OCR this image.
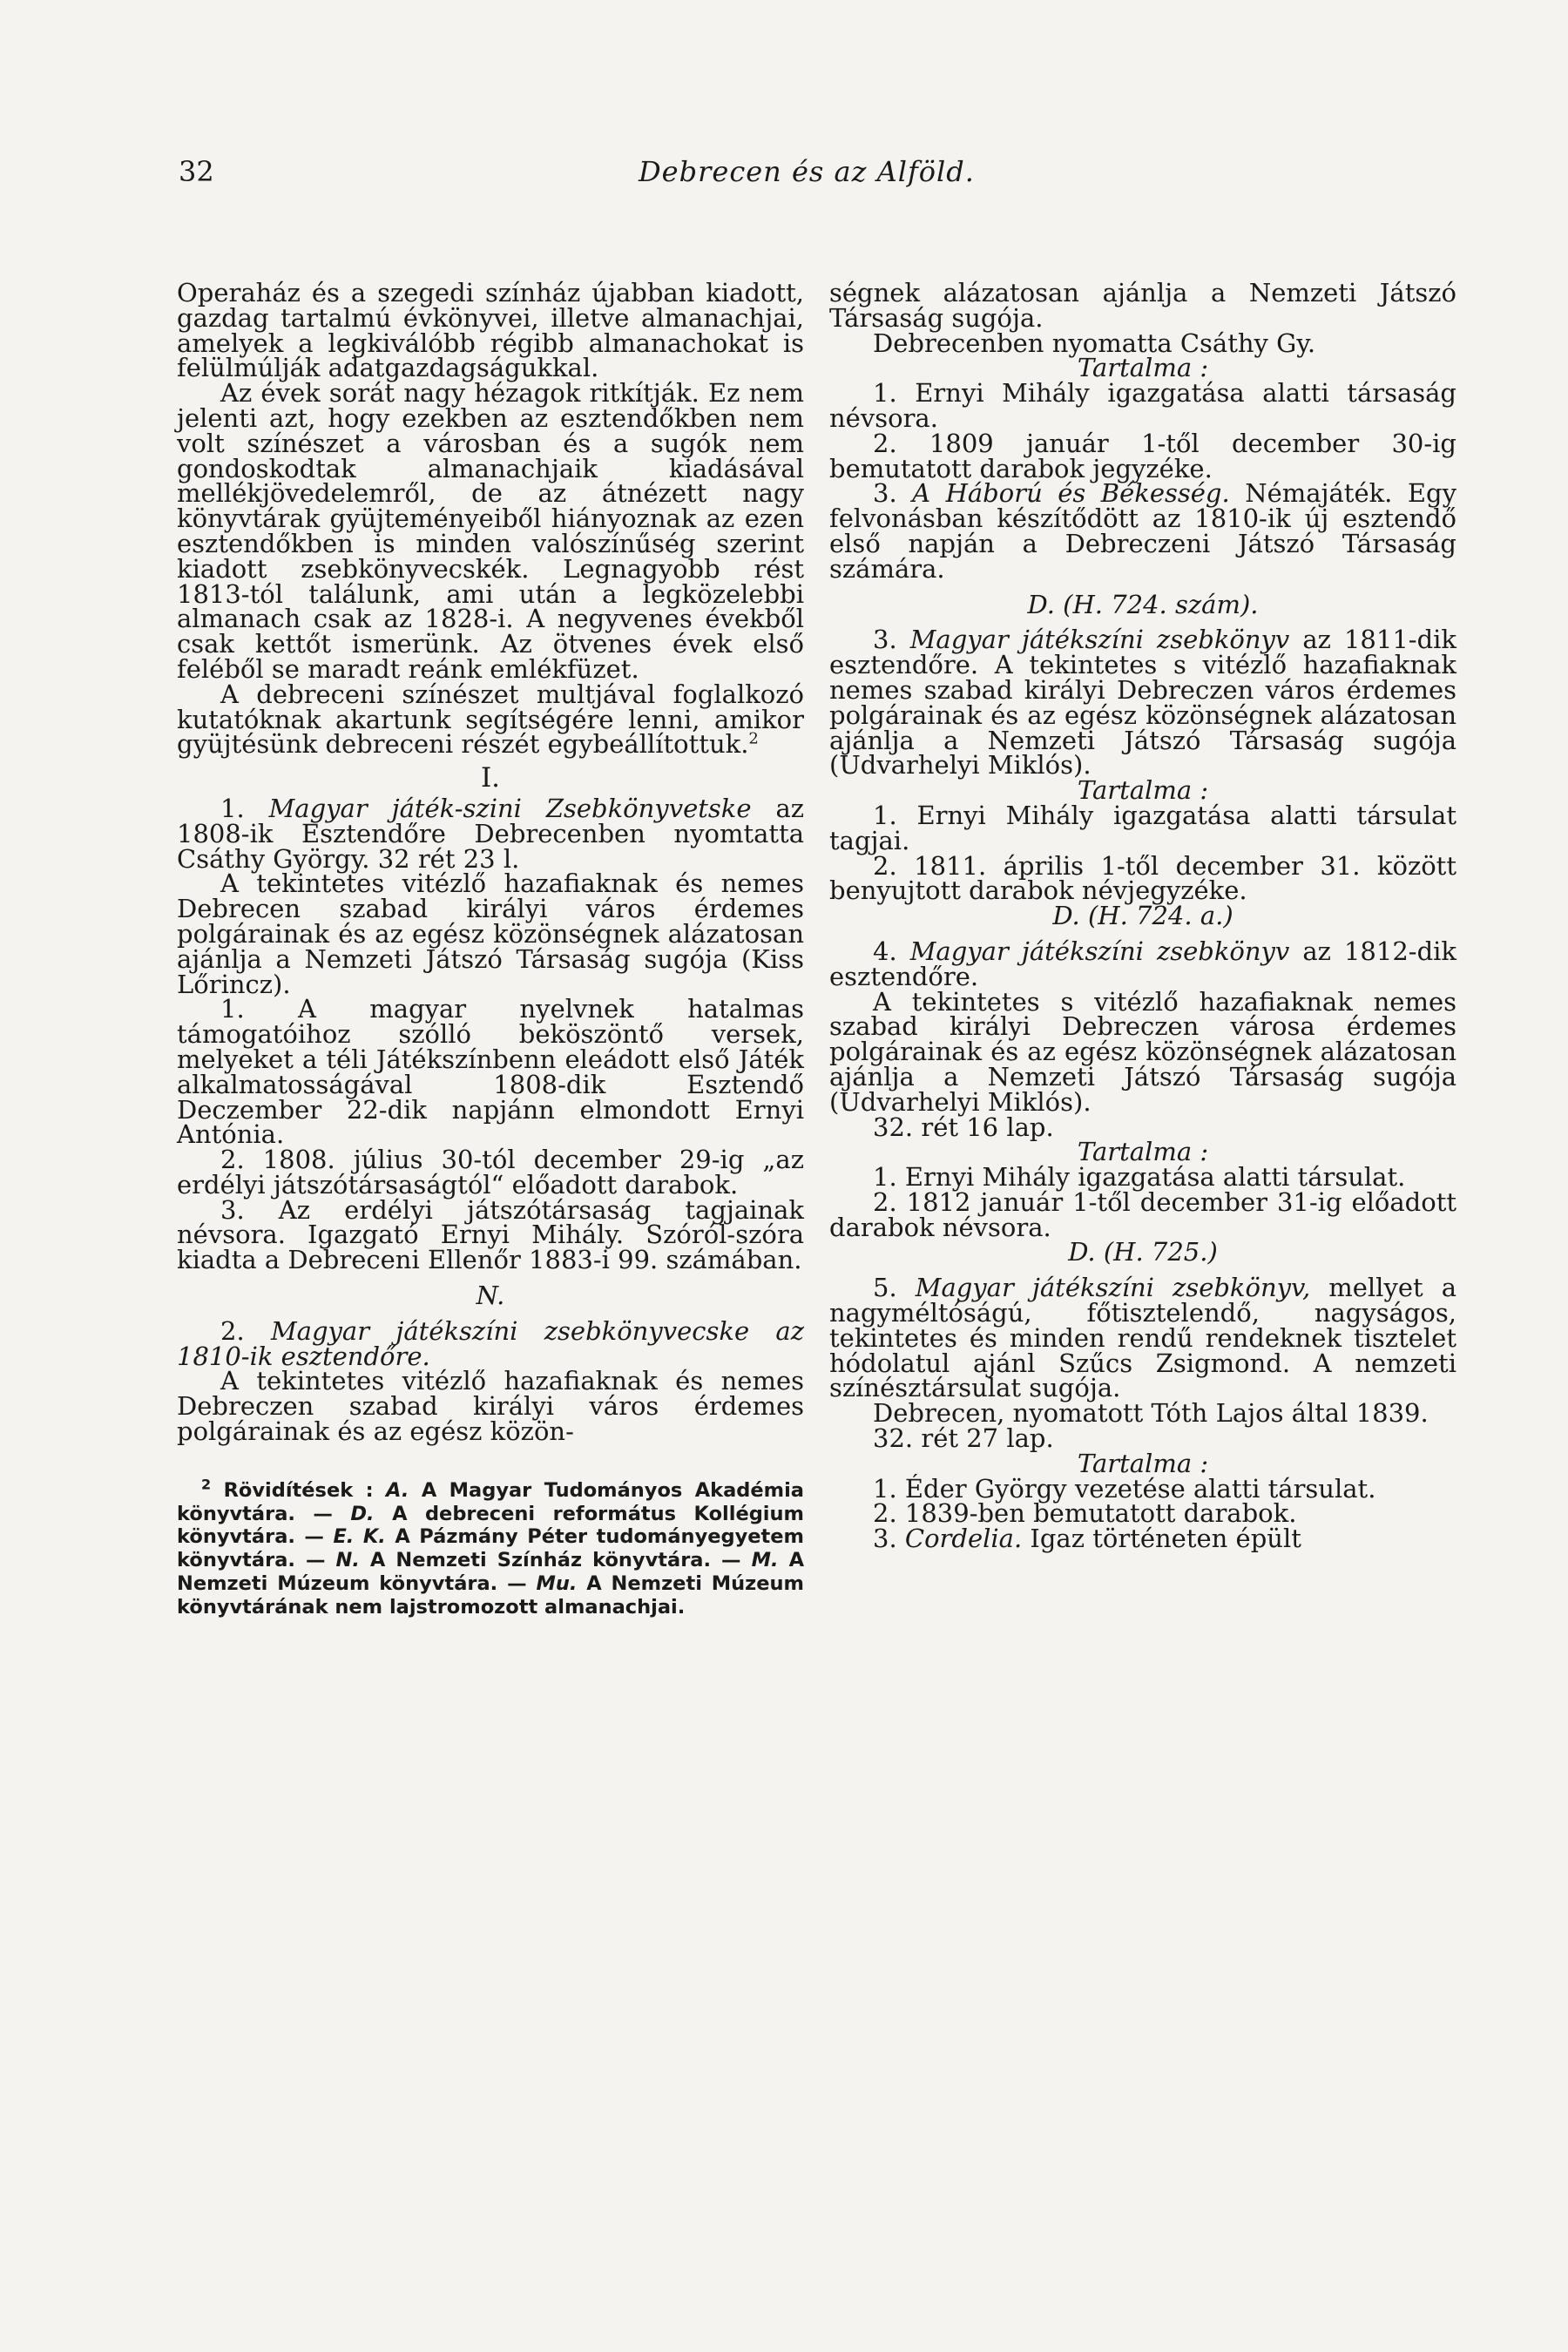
32	Debrecen és az Alföld.

Operaház és a szegedi színház újabban kiadott, gazdag tartalmú évkönyvei, illetve almanachjai, amelyek a legkiválóbb régibb almanachokat is felülmúlják adatgazdagságukkal.

Az évek sorát nagy hézagok ritkítják. Ez nem jelenti azt, hogy ezekben az esztendőkben nem volt színészet a városban és a sugók nem gondoskodtak almanachjaik kiadásával mellékjövedelemről, de az átnézett nagy könyvtárak gyüjteményeiből hiányoznak az ezen esztendőkben is minden valószínűség szerint kiadott zsebkönyvecskék. Legnagyobb rést 1813-tól találunk, ami után a legközelebbi almanach csak az 1828-i. A negyvenes évekből csak kettőt ismerünk. Az ötvenes évek első feléből se maradt reánk emlékfüzet.

A debreceni színészet multjával foglalkozó kutatóknak akartunk segítségére lenni, amikor gyüjtésünk debreceni részét egybeállítottuk.$^2$

I.

1. Magyar játék-szini Zsebkönyvetske az 1808-ik Esztendőre Debrecenben nyomtatta Csáthy György. 32 rét 23 l.

A tekintetes vitézlő hazafiaknak és nemes Debrecen szabad királyi város érdemes polgárainak és az egész közönségnek alázatosan ajánlja a Nemzeti Játszó Társaság sugója (Kiss Lőrincz).

1. A magyar nyelvnek hatalmas támogatóihoz szólló beköszöntő versek, melyeket a téli Játékszínbenn eleádott első Játék alkalmatosságával 1808-dik Esztendő Deczember 22-dik napjánn elmondott Ernyi Antónia.

2. 1808. július 30-tól december 29-ig „az erdélyi játszótársaságtól“ előadott darabok.

3. Az erdélyi játszótársaság tagjainak névsora. Igazgató Ernyi Mihály. Szóról-szóra kiadta a Debreceni Ellenőr 1883-i 99. számában.

N.

2. Magyar játékszíni zsebkönyvecske az 1810-ik esztendőre.

A tekintetes vitézlő hazafiaknak és nemes Debreczen szabad királyi város érdemes polgárainak és az egész közön-

$^2$ Rövidítések : A. A Magyar Tudományos Akadémia könyvtára. — D. A debreceni református Kollégium könyvtára. — E. K. A Pázmány Péter tudományegyetem könyvtára. — N. A Nemzeti Színház könyvtára. — M. A Nemzeti Múzeum könyvtára. — Mu. A Nemzeti Múzeum könyvtárának nem lajstromozott almanachjai.

ségnek alázatosan ajánlja a Nemzeti Játszó Társaság sugója.

Debrecenben nyomatta Csáthy Gy.

Tartalma :

1. Ernyi Mihály igazgatása alatti társaság névsora.

2. 1809 január 1-től december 30-ig bemutatott darabok jegyzéke.

3. A Háború és Békesség. Némajáték. Egy felvonásban készítődött az 1810-ik új esztendő első napján a Debreczeni Játszó Társaság számára.

D. (H. 724. szám).

3. Magyar játékszíni zsebkönyv az 1811-dik esztendőre. A tekintetes s vitézlő hazafiaknak nemes szabad királyi Debreczen város érdemes polgárainak és az egész közönségnek alázatosan ajánlja a Nemzeti Játszó Társaság sugója (Udvarhelyi Miklós).

Tartalma :

1. Ernyi Mihály igazgatása alatti társulat tagjai.

2. 1811. április 1-től december 31. között benyujtott darabok névjegyzéke.

D. (H. 724. a.)

4. Magyar játékszíni zsebkönyv az 1812-dik esztendőre.

A tekintetes s vitézlő hazafiaknak nemes szabad királyi Debreczen városa érdemes polgárainak és az egész közönségnek alázatosan ajánlja a Nemzeti Játszó Társaság sugója (Udvarhelyi Miklós).

32. rét 16 lap.

Tartalma :

1. Ernyi Mihály igazgatása alatti társulat.

2. 1812 január 1-től december 31-ig előadott darabok névsora.

D. (H. 725.)

5. Magyar játékszíni zsebkönyv, mellyet a nagyméltóságú, főtisztelendő, nagyságos, tekintetes és minden rendű rendeknek tisztelet hódolatul ajánl Szűcs Zsigmond. A nemzeti színésztársulat sugója.

Debrecen, nyomatott Tóth Lajos által 1839.

32. rét 27 lap.

Tartalma :

1. Éder György vezetése alatti társulat.

2. 1839-ben bemutatott darabok.

3. Cordelia. Igaz történeten épült
